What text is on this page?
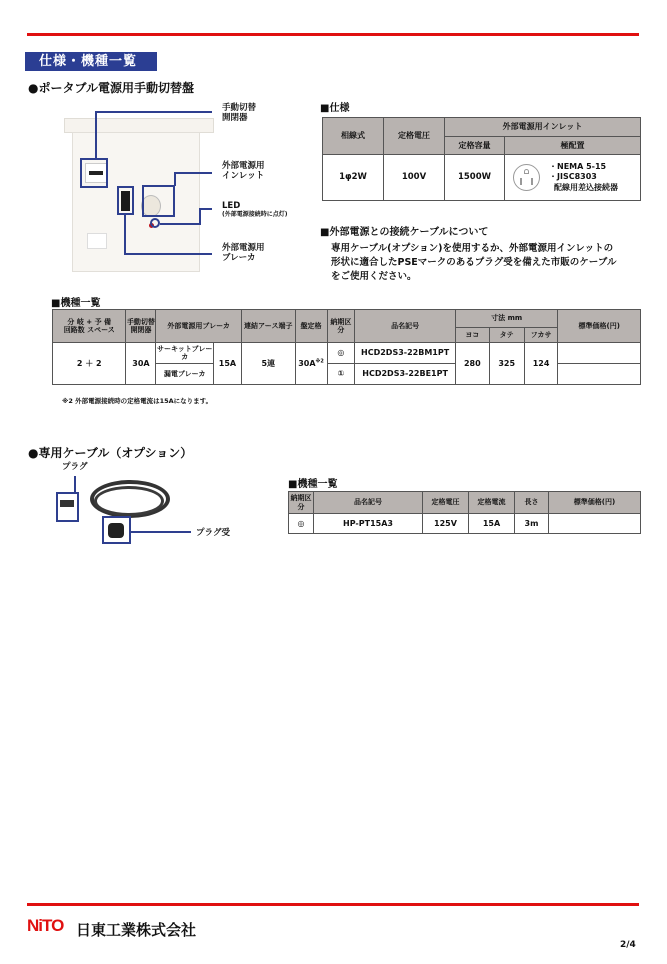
仕様・機種一覧
●ポータブル電源用手動切替盤
手動切替
開閉器
外部電源用
インレット
LED
(外部電源接続時に点灯)
外部電源用
ブレーカ
■仕様
相線式	定格電圧	外部電源用インレット	
		定格容量	極配置
1φ2W	100V	1500W	・NEMA 5-15
・JISC8303
配線用差込接続器
■外部電源との接続ケーブルについて
専用ケーブル(オプション)を使用するか、外部電源用インレットの
形状に適合したPSEマークのあるプラグ受を備えた市販のケーブル
をご使用ください。
■機種一覧
分 岐 + 予 備
回路数 スペース	手動切替開閉器	外部電源用ブレーカ		連結アース端子	盤定格	納期区分	品名記号	寸法 mm			標準価格(円)
								ヨコ	タテ	フカサ	
2 ＋ 2	30A	サーキットブレーカ	15A	5連	$30A^{※2}$	◎	HCD2DS3-22BM1PT	280	325	124	
		漏電ブレーカ				①	HCD2DS3-22BE1PT				
※2 外部電源接続時の定格電流は15Aになります。
●専用ケーブル（オプション）
プラグ
プラグ受
■機種一覧
納期区分	品名記号	定格電圧	定格電流	長さ	標準価格(円)
◎	HP-PT15A3	125V	15A	3m	
NiTO 日東工業株式会社
2/4
